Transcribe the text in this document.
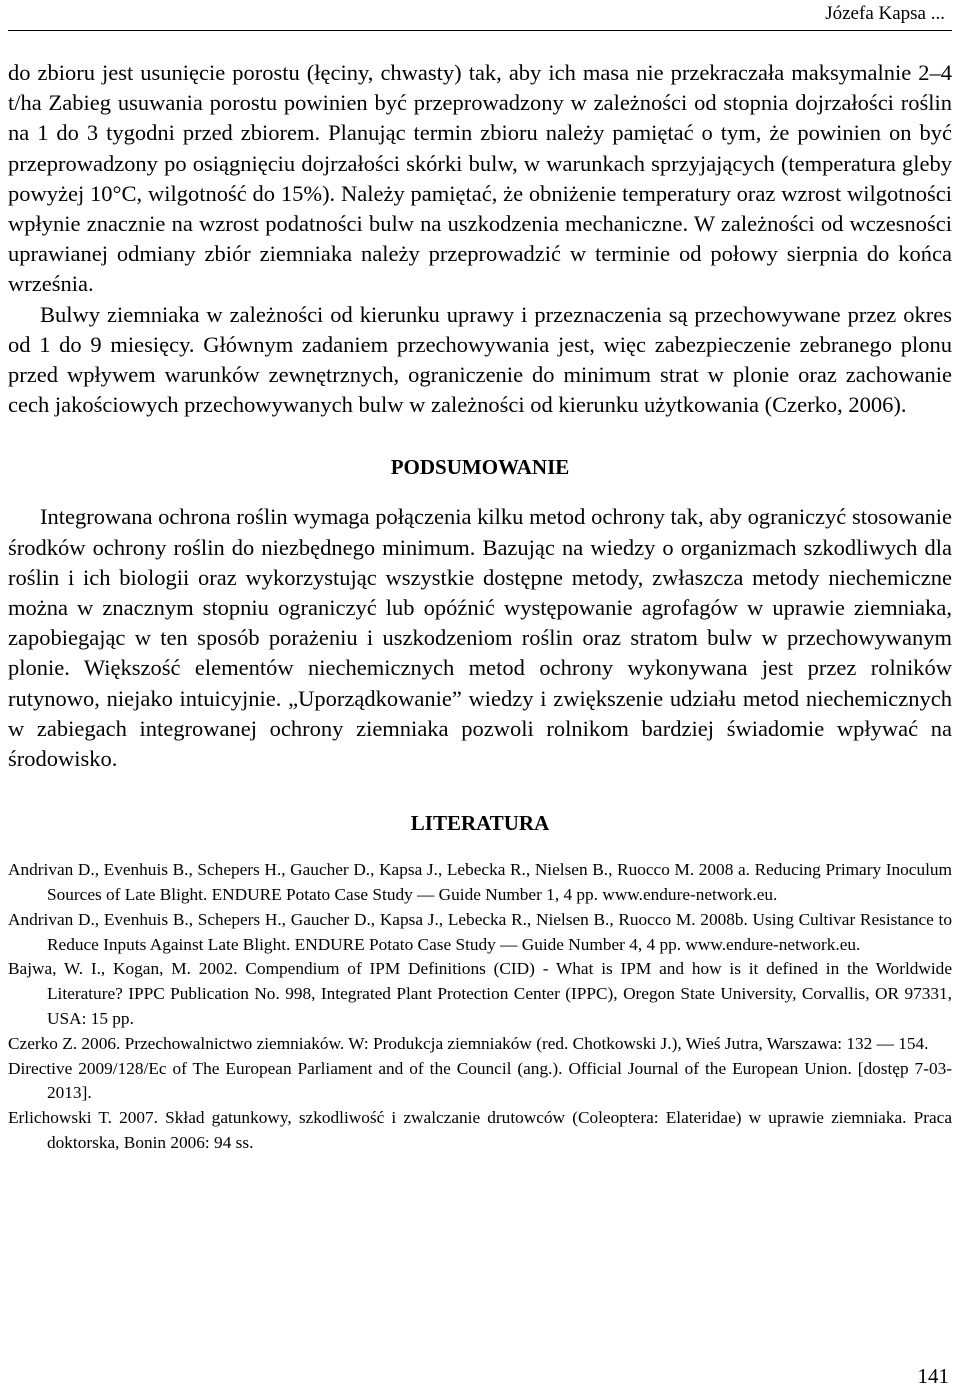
Józefa Kapsa ...

do zbioru jest usunięcie porostu (łęciny, chwasty) tak, aby ich masa nie przekraczała maksymalnie 2–4 t/ha Zabieg usuwania porostu powinien być przeprowadzony w zależności od stopnia dojrzałości roślin na 1 do 3 tygodni przed zbiorem. Planując termin zbioru należy pamiętać o tym, że powinien on być przeprowadzony po osiągnięciu dojrzałości skórki bulw, w warunkach sprzyjających (temperatura gleby powyżej 10°C, wilgotność do 15%). Należy pamiętać, że obniżenie temperatury oraz wzrost wilgotności wpłynie znacznie na wzrost podatności bulw na uszkodzenia mechaniczne. W zależności od wczesności uprawianej odmiany zbiór ziemniaka należy przeprowadzić w terminie od połowy sierpnia do końca września.

Bulwy ziemniaka w zależności od kierunku uprawy i przeznaczenia są przechowywane przez okres od 1 do 9 miesięcy. Głównym zadaniem przechowywania jest, więc zabezpieczenie zebranego plonu przed wpływem warunków zewnętrznych, ograniczenie do minimum strat w plonie oraz zachowanie cech jakościowych przechowywanych bulw w zależności od kierunku użytkowania (Czerko, 2006).

PODSUMOWANIE

Integrowana ochrona roślin wymaga połączenia kilku metod ochrony tak, aby ograniczyć stosowanie środków ochrony roślin do niezbędnego minimum. Bazując na wiedzy o organizmach szkodliwych dla roślin i ich biologii oraz wykorzystując wszystkie dostępne metody, zwłaszcza metody niechemiczne można w znacznym stopniu ograniczyć lub opóźnić występowanie agrofagów w uprawie ziemniaka, zapobiegając w ten sposób porażeniu i uszkodzeniom roślin oraz stratom bulw w przechowywanym plonie. Większość elementów niechemicznych metod ochrony wykonywana jest przez rolników rutynowo, niejako intuicyjnie. „Uporządkowanie” wiedzy i zwiększenie udziału metod niechemicznych w zabiegach integrowanej ochrony ziemniaka pozwoli rolnikom bardziej świadomie wpływać na środowisko.

LITERATURA
Andrivan D., Evenhuis B., Schepers H., Gaucher D., Kapsa J., Lebecka R., Nielsen B., Ruocco M. 2008 a. Reducing Primary Inoculum Sources of Late Blight. ENDURE Potato Case Study — Guide Number 1, 4 pp. www.endure-network.eu.
Andrivan D., Evenhuis B., Schepers H., Gaucher D., Kapsa J., Lebecka R., Nielsen B., Ruocco M. 2008b. Using Cultivar Resistance to Reduce Inputs Against Late Blight. ENDURE Potato Case Study — Guide Number 4, 4 pp. www.endure-network.eu.
Bajwa, W. I., Kogan, M. 2002. Compendium of IPM Definitions (CID) - What is IPM and how is it defined in the Worldwide Literature? IPPC Publication No. 998, Integrated Plant Protection Center (IPPC), Oregon State University, Corvallis, OR 97331, USA: 15 pp.
Czerko Z. 2006. Przechowalnictwo ziemniaków. W: Produkcja ziemniaków (red. Chotkowski J.), Wieś Jutra, Warszawa: 132 — 154.
Directive 2009/128/Ec of The European Parliament and of the Council (ang.). Official Journal of the European Union. [dostęp 7-03-2013].
Erlichowski T. 2007. Skład gatunkowy, szkodliwość i zwalczanie drutowców (Coleoptera: Elateridae) w uprawie ziemniaka. Praca doktorska, Bonin 2006: 94 ss.
141
